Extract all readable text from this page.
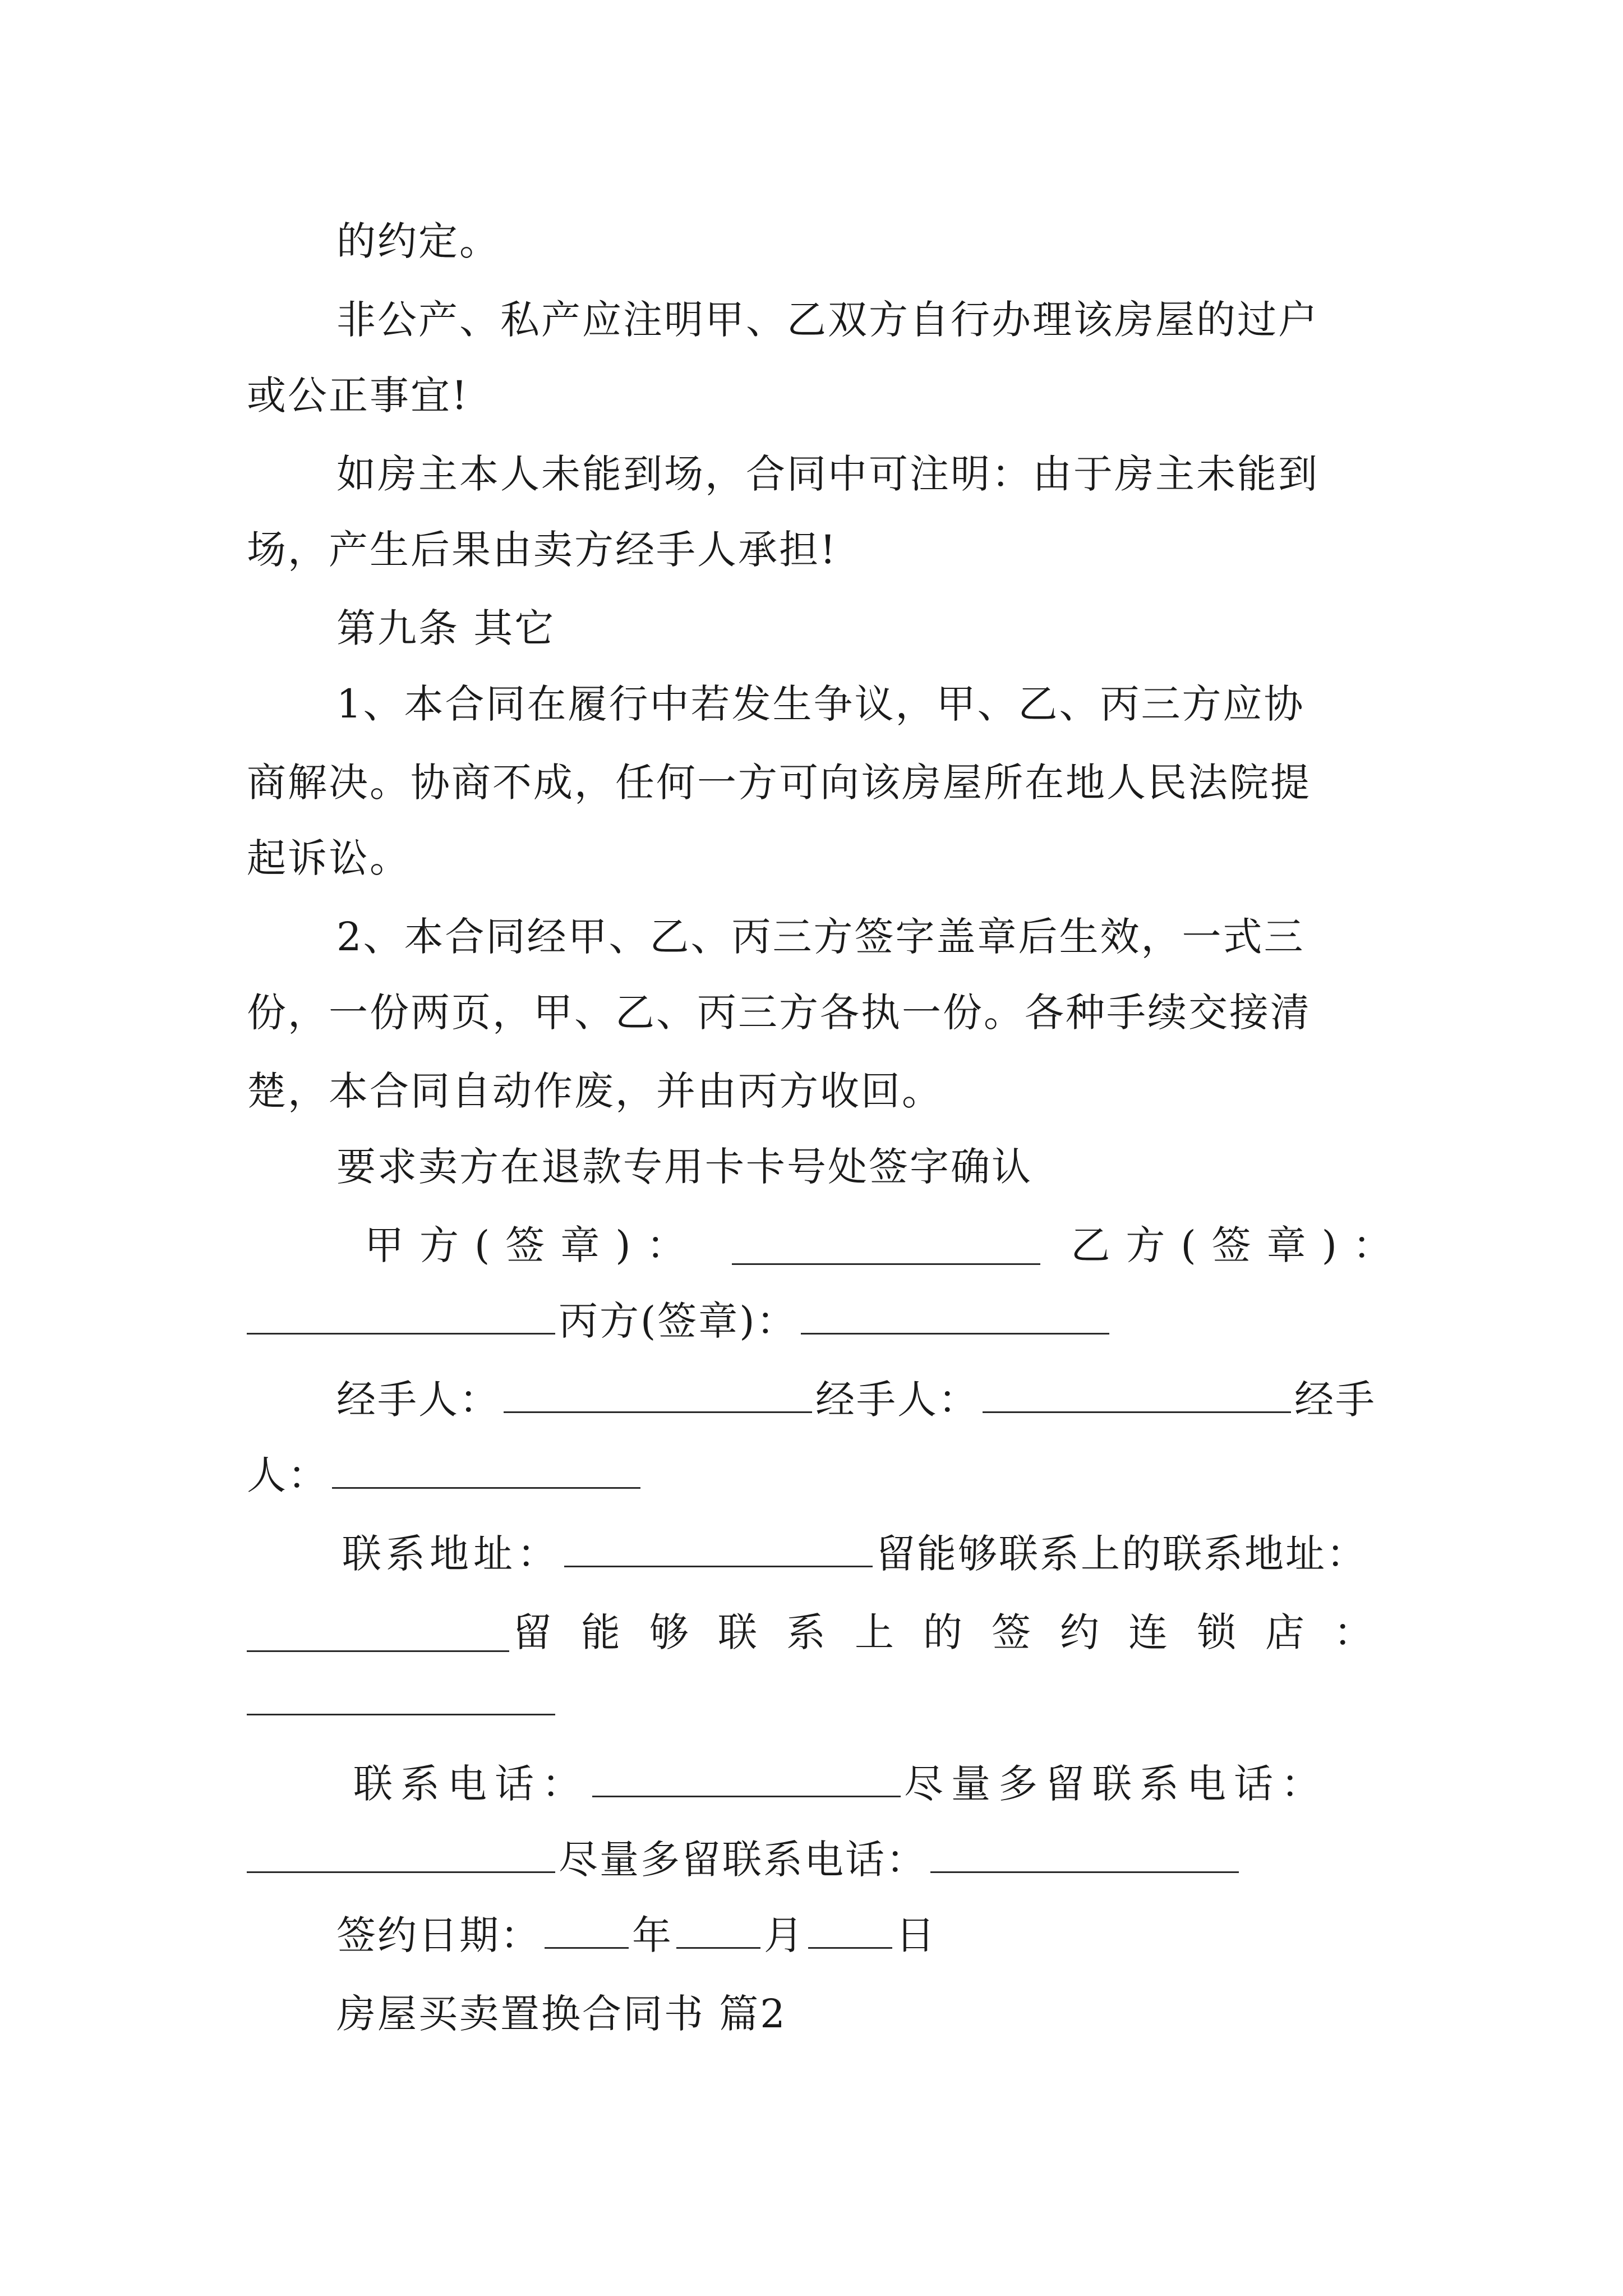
的约定。
非公产、私产应注明甲、乙双方自行办理该房屋的过户
或公正事宜!
如房主本人未能到场，合同中可注明：由于房主未能到
场，产生后果由卖方经手人承担!
第九条 其它
1、本合同在履行中若发生争议，甲、乙、丙三方应协
商解决。协商不成，任何一方可向该房屋所在地人民法院提
起诉讼。
2、本合同经甲、乙、丙三方签字盖章后生效，一式三
份，一份两页，甲、乙、丙三方各执一份。各种手续交接清
楚，本合同自动作废，并由丙方收回。
要求卖方在退款专用卡卡号处签字确认
甲方(签章)：	乙方(签章)：
丙方(签章)：
经手人：	经手人：	经手
人：
联系地址：	留能够联系上的联系地址：
留能够联系上的签约连锁店：
联系电话：	尽量多留联系电话：
尽量多留联系电话：
签约日期： 年 月 日
房屋买卖置换合同书 篇2
